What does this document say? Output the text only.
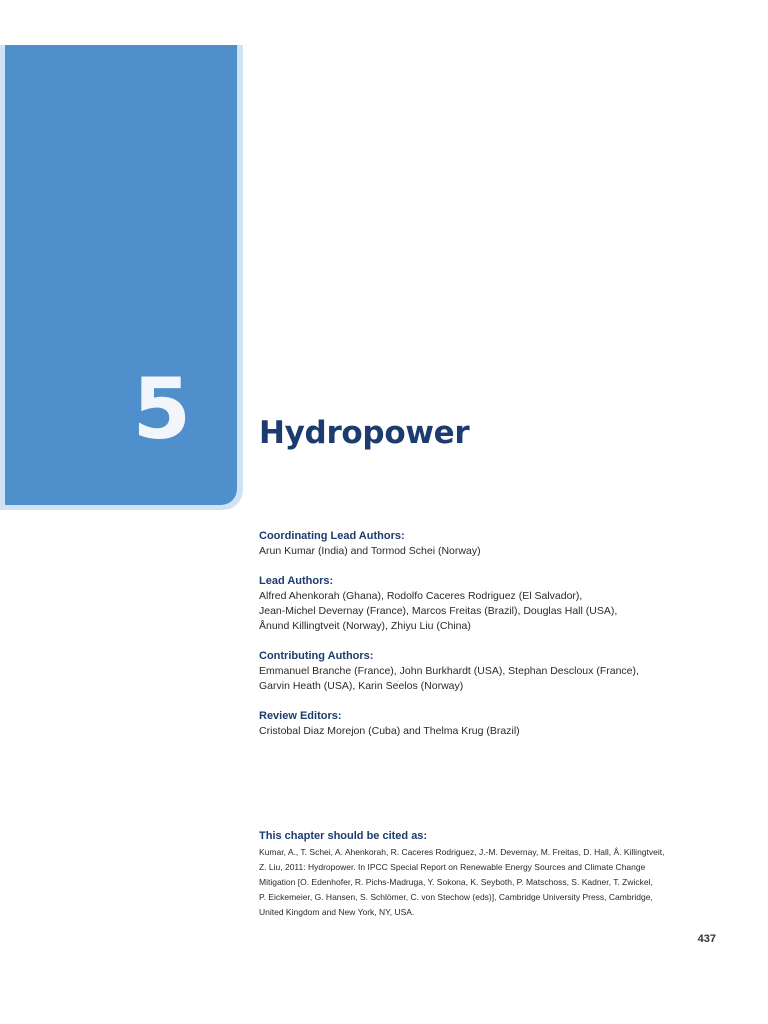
5 Hydropower
Coordinating Lead Authors:
Arun Kumar (India) and Tormod Schei (Norway)
Lead Authors:
Alfred Ahenkorah (Ghana), Rodolfo Caceres Rodriguez (El Salvador),
Jean-Michel Devernay (France), Marcos Freitas (Brazil), Douglas Hall (USA),
Ånund Killingtveit (Norway), Zhiyu Liu (China)
Contributing Authors:
Emmanuel Branche (France), John Burkhardt (USA), Stephan Descloux (France),
Garvin Heath (USA), Karin Seelos (Norway)
Review Editors:
Cristobal Diaz Morejon (Cuba) and Thelma Krug (Brazil)
This chapter should be cited as:
Kumar, A., T. Schei, A. Ahenkorah, R. Caceres Rodriguez, J.-M. Devernay, M. Freitas, D. Hall, Å. Killingtveit,
Z. Liu, 2011: Hydropower. In IPCC Special Report on Renewable Energy Sources and Climate Change
Mitigation [O. Edenhofer, R. Pichs-Madruga, Y. Sokona, K. Seyboth, P. Matschoss, S. Kadner, T. Zwickel,
P. Eickemeier, G. Hansen, S. Schlömer, C. von Stechow (eds)], Cambridge University Press, Cambridge,
United Kingdom and New York, NY, USA.
437
